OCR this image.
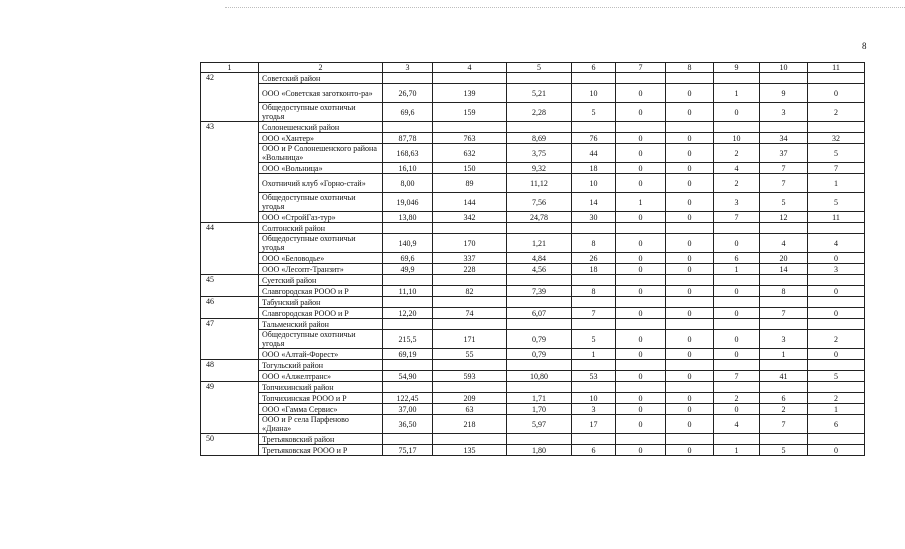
8
1	2	3	4	5	6	7	8	9	10	11
42	Советский район									
	ООО «Советская заготконто-ра»	26,70	139	5,21	10	0	0	1	9	0
	Общедоступные охотничьи угодья	69,6	159	2,28	5	0	0	0	3	2
43	Солонешенский район									
	ООО «Хантер»	87,78	763	8,69	76	0	0	10	34	32
	ООО и Р Солонешенского района «Вольница»	168,63	632	3,75	44	0	0	2	37	5
	ООО «Вольница»	16,10	150	9,32	18	0	0	4	7	7
	Охотничий клуб «Горно-стай»	8,00	89	11,12	10	0	0	2	7	1
	Общедоступные охотничьи угодья	19,046	144	7,56	14	1	0	3	5	5
	ООО «СтройГаз-тур»	13,80	342	24,78	30	0	0	7	12	11
44	Солтонский район									
	Общедоступные охотничьи угодья	140,9	170	1,21	8	0	0	0	4	4
	ООО «Беловодье»	69,6	337	4,84	26	0	0	6	20	0
	ООО «Лесопт-Транзит»	49,9	228	4,56	18	0	0	1	14	3
45	Суетский район									
	Славгородская РООО и Р	11,10	82	7,39	8	0	0	0	8	0
46	Табунский район									
	Славгородская РООО и Р	12,20	74	6,07	7	0	0	0	7	0
47	Тальменский район									
	Общедоступные охотничьи угодья	215,5	171	0,79	5	0	0	0	3	2
	ООО «Алтай-Форест»	69,19	55	0,79	1	0	0	0	1	0
48	Тогульский район									
	ООО «Алжелтранс»	54,90	593	10,80	53	0	0	7	41	5
49	Топчихинский район									
	Топчихинская РООО и Р	122,45	209	1,71	10	0	0	2	6	2
	ООО «Гамма Сервис»	37,00	63	1,70	3	0	0	0	2	1
	ООО и Р села Парфеново «Диана»	36,50	218	5,97	17	0	0	4	7	6
50	Третьяковский район									
	Третьяковская РООО и Р	75,17	135	1,80	6	0	0	1	5	0
